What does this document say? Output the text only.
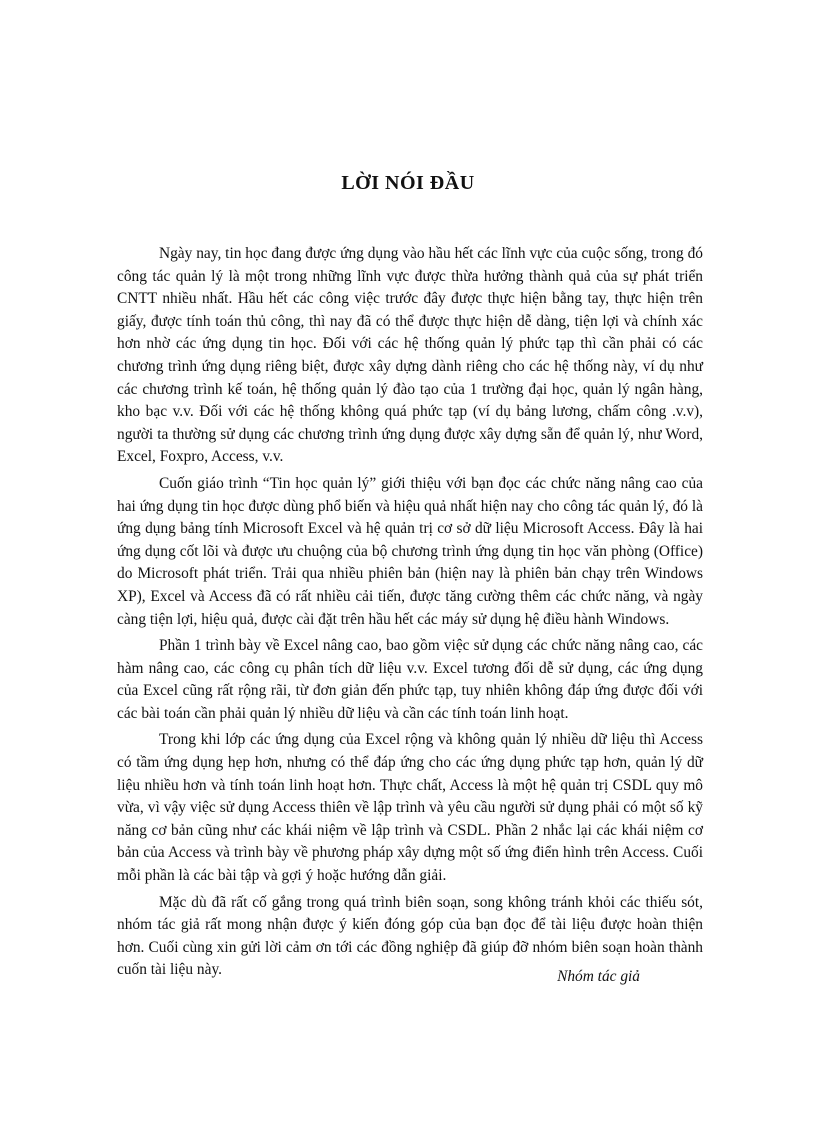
LỜI NÓI ĐẦU

Ngày nay, tin học đang được ứng dụng vào hầu hết các lĩnh vực của cuộc sống, trong đó công tác quản lý là một trong những lĩnh vực được thừa hưởng thành quả của sự phát triển CNTT nhiều nhất. Hầu hết các công việc trước đây được thực hiện bằng tay, thực hiện trên giấy, được tính toán thủ công, thì nay đã có thể được thực hiện dễ dàng, tiện lợi và chính xác hơn nhờ các ứng dụng tin học. Đối với các hệ thống quản lý phức tạp thì cần phải có các chương trình ứng dụng riêng biệt, được xây dựng dành riêng cho các hệ thống này, ví dụ như các chương trình kế toán, hệ thống quản lý đào tạo của 1 trường đại học, quản lý ngân hàng, kho bạc v.v. Đối với các hệ thống không quá phức tạp (ví dụ bảng lương, chấm công .v.v), người ta thường sử dụng các chương trình ứng dụng được xây dựng sẵn để quản lý, như Word, Excel, Foxpro, Access, v.v.

Cuốn giáo trình “Tin học quản lý” giới thiệu với bạn đọc các chức năng nâng cao của hai ứng dụng tin học được dùng phổ biến và hiệu quả nhất hiện nay cho công tác quản lý, đó là ứng dụng bảng tính Microsoft Excel và hệ quản trị cơ sở dữ liệu Microsoft Access. Đây là hai ứng dụng cốt lõi và được ưu chuộng của bộ chương trình ứng dụng tin học văn phòng (Office) do Microsoft phát triển. Trải qua nhiều phiên bản (hiện nay là phiên bản chạy trên Windows XP), Excel và Access đã có rất nhiều cải tiến, được tăng cường thêm các chức năng, và ngày càng tiện lợi, hiệu quả, được cài đặt trên hầu hết các máy sử dụng hệ điều hành Windows.

Phần 1 trình bày về Excel nâng cao, bao gồm việc sử dụng các chức năng nâng cao, các hàm nâng cao, các công cụ phân tích dữ liệu v.v. Excel tương đối dễ sử dụng, các ứng dụng của Excel cũng rất rộng rãi, từ đơn giản đến phức tạp, tuy nhiên không đáp ứng được đối với các bài toán cần phải quản lý nhiều dữ liệu và cần các tính toán linh hoạt.

Trong khi lớp các ứng dụng của Excel rộng và không quản lý nhiều dữ liệu thì Access có tầm ứng dụng hẹp hơn, nhưng có thể đáp ứng cho các ứng dụng phức tạp hơn, quản lý dữ liệu nhiều hơn và tính toán linh hoạt hơn. Thực chất, Access là một hệ quản trị CSDL quy mô vừa, vì vậy việc sử dụng Access thiên về lập trình và yêu cầu người sử dụng phải có một số kỹ năng cơ bản cũng như các khái niệm về lập trình và CSDL. Phần 2 nhắc lại các khái niệm cơ bản của Access và trình bày về phương pháp xây dựng một số ứng điển hình trên Access. Cuối mỗi phần là các bài tập và gợi ý hoặc hướng dẫn giải.

Mặc dù đã rất cố gắng trong quá trình biên soạn, song không tránh khỏi các thiếu sót, nhóm tác giả rất mong nhận được ý kiến đóng góp của bạn đọc để tài liệu được hoàn thiện hơn. Cuối cùng xin gửi lời cảm ơn tới các đồng nghiệp đã giúp đỡ nhóm biên soạn hoàn thành cuốn tài liệu này.	Nhóm tác giả
